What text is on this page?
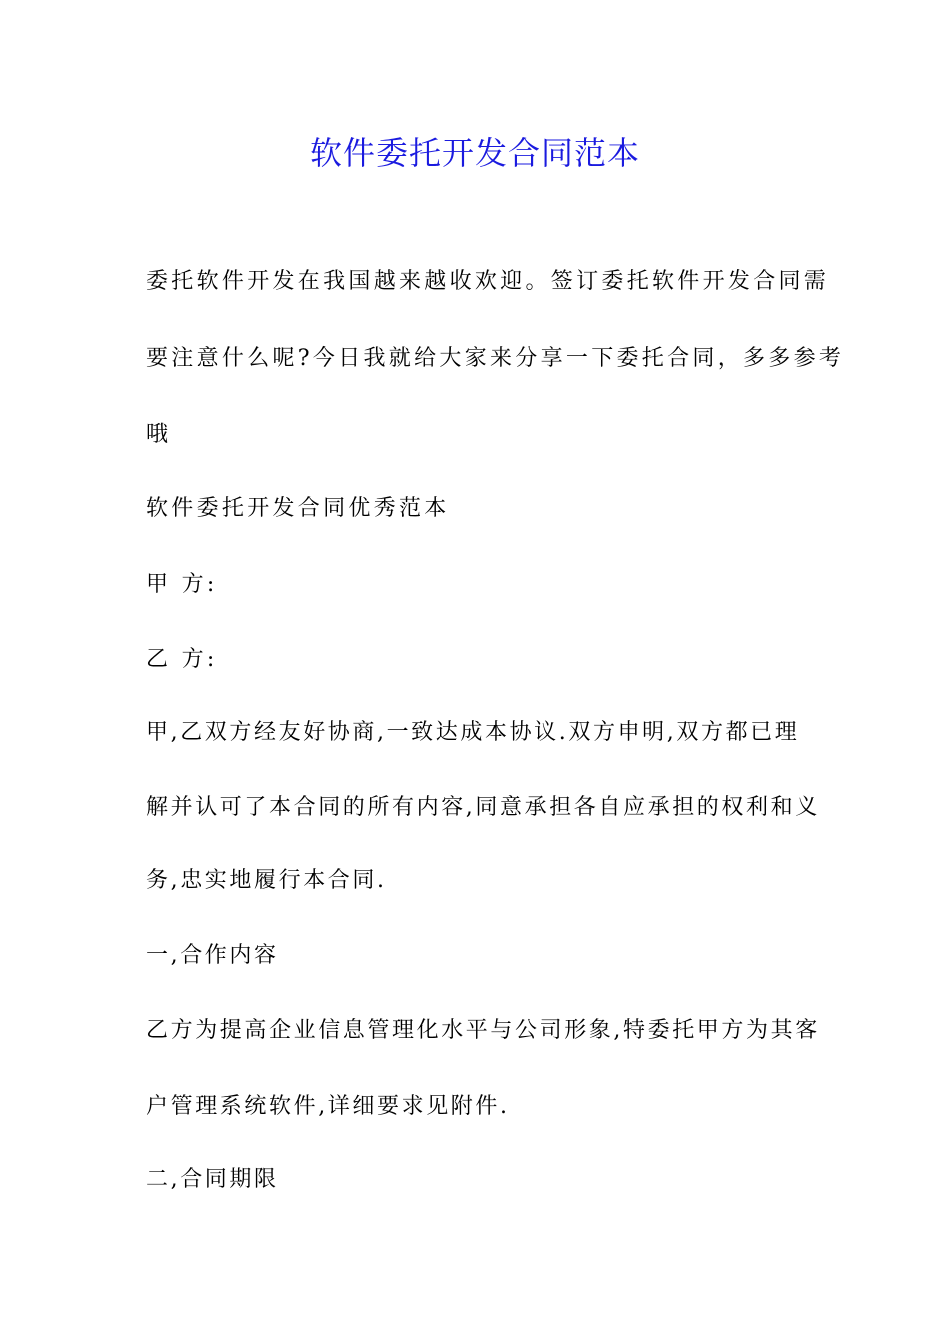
软件委托开发合同范本

委托软件开发在我国越来越收欢迎。签订委托软件开发合同需

要注意什么呢?今日我就给大家来分享一下委托合同，多多参考

哦

软件委托开发合同优秀范本

甲 方:

乙 方:

甲,乙双方经友好协商,一致达成本协议.双方申明,双方都已理

解并认可了本合同的所有内容,同意承担各自应承担的权利和义

务,忠实地履行本合同.

一,合作内容

乙方为提高企业信息管理化水平与公司形象,特委托甲方为其客

户管理系统软件,详细要求见附件.

二,合同期限
